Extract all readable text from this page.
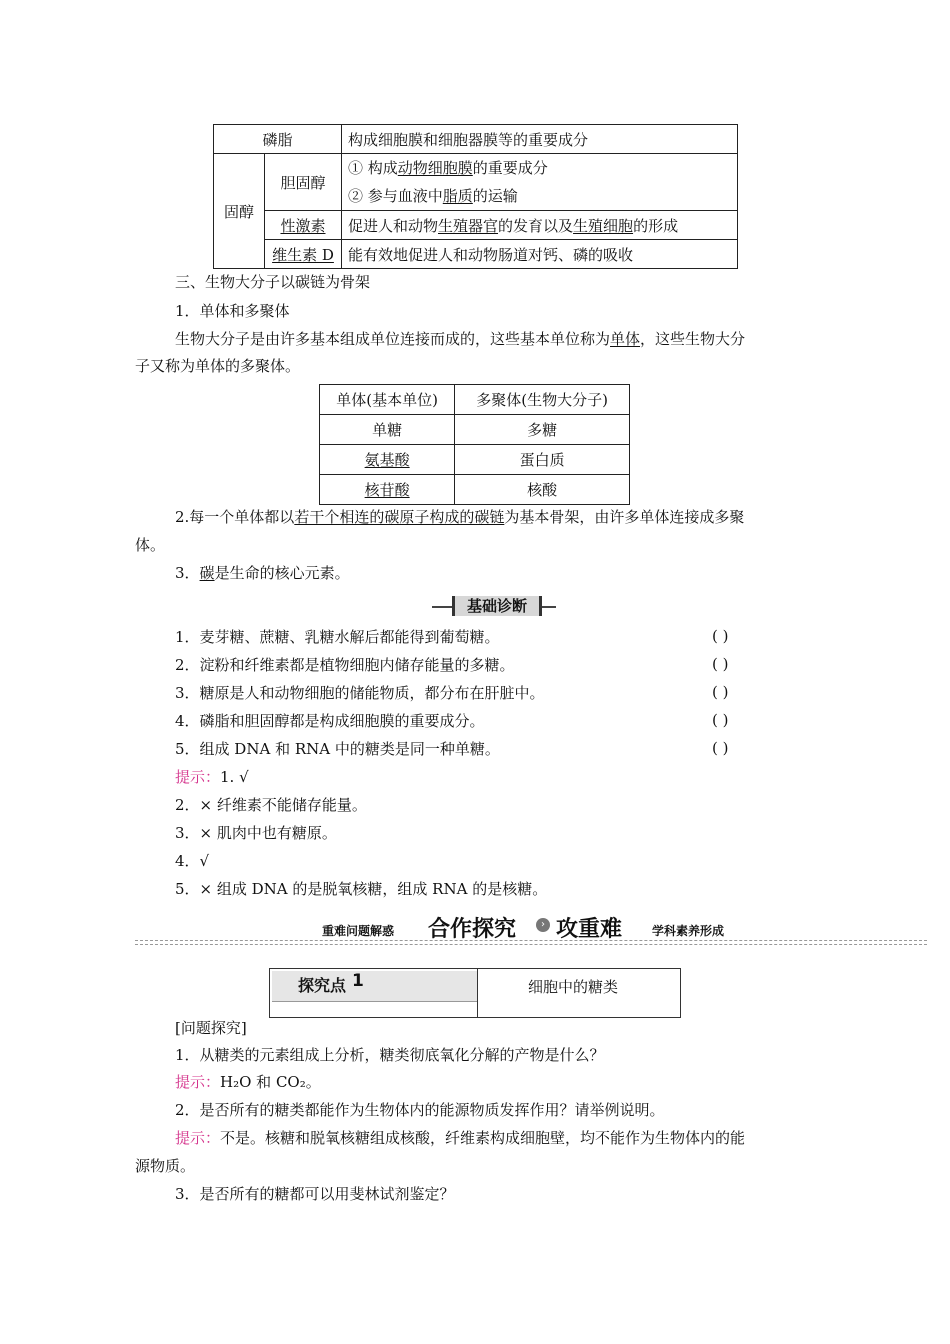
磷脂		构成细胞膜和细胞器膜等的重要成分
固醇	胆固醇	① 构成动物细胞膜的重要成分
② 参与血液中脂质的运输

	性激素	促进人和动物生殖器官的发育以及生殖细胞的形成
	维生素 D	能有效地促进人和动物肠道对钙、磷的吸收
三、生物大分子以碳链为骨架
1．单体和多聚体
生物大分子是由许多基本组成单位连接而成的，这些基本单位称为单体，这些生物大分
子又称为单体的多聚体。
单体(基本单位)	多聚体(生物大分子)
单糖	多糖
氨基酸	蛋白质
核苷酸	核酸
2.每一个单体都以若干个相连的碳原子构成的碳链为基本骨架，由许多单体连接成多聚
体。
3．碳是生命的核心元素。
基础诊断
1．麦芽糖、蔗糖、乳糖水解后都能得到葡萄糖。	( )
2．淀粉和纤维素都是植物细胞内储存能量的多糖。	( )
3．糖原是人和动物细胞的储能物质，都分布在肝脏中。	( )
4．磷脂和胆固醇都是构成细胞膜的重要成分。	( )
5．组成 DNA 和 RNA 中的糖类是同一种单糖。	( )
提示：1. √
2．× 纤维素不能储存能量。
3．× 肌肉中也有糖原。
4．√
5．× 组成 DNA 的是脱氧核糖，组成 RNA 的是核糖。
重难问题解惑 合作探究	› 攻重难 学科素养形成
探究点 1	细胞中的糖类
[问题探究]
1．从糖类的元素组成上分析，糖类彻底氧化分解的产物是什么？
提示：H₂O 和 CO₂。
2．是否所有的糖类都能作为生物体内的能源物质发挥作用？请举例说明。
提示：不是。核糖和脱氧核糖组成核酸，纤维素构成细胞壁，均不能作为生物体内的能
源物质。
3．是否所有的糖都可以用斐林试剂鉴定？
